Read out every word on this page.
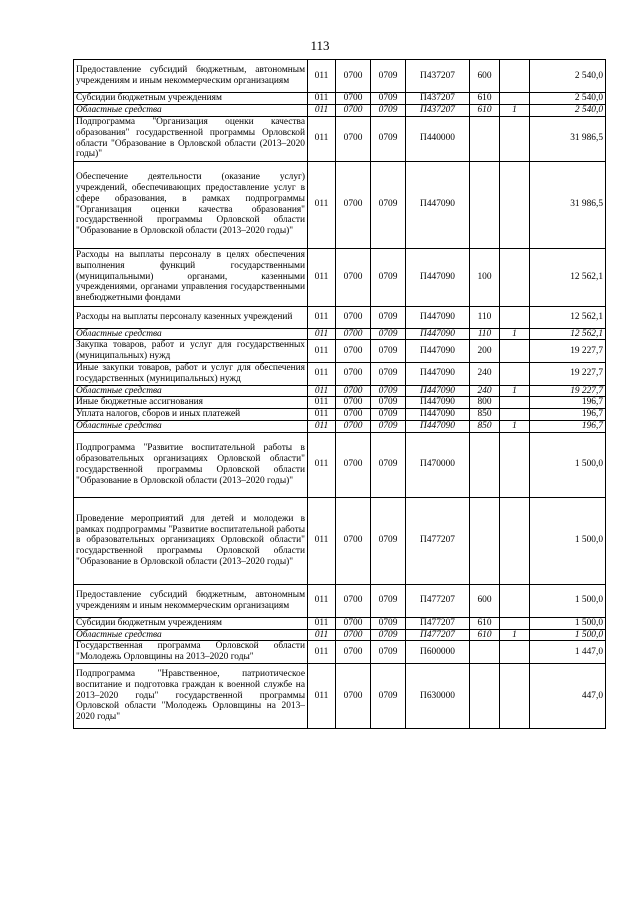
113
Предоставление субсидий бюджетным, автономным учреждениям и иным некоммерческим организациям	011	0700	0709	П437207	600		2 540,0
Субсидии бюджетным учреждениям	011	0700	0709	П437207	610		2 540,0
Областные средства	011	0700	0709	П437207	610	1	2 540,0
Подпрограмма "Организация оценки качества образования" государственной программы Орловской области "Образование в Орловской области (2013–2020 годы)"	011	0700	0709	П440000			31 986,5
Обеспечение деятельности (оказание услуг) учреждений, обеспечивающих предоставление услуг в сфере образования, в рамках подпрограммы "Организация оценки качества образования" государственной программы Орловской области "Образование в Орловской области (2013–2020 годы)"	011	0700	0709	П447090			31 986,5
Расходы на выплаты персоналу в целях обеспечения выполнения функций государственными (муниципальными) органами, казенными учреждениями, органами управления государственными внебюджетными фондами	011	0700	0709	П447090	100		12 562,1
Расходы на выплаты персоналу казенных учреждений	011	0700	0709	П447090	110		12 562,1
Областные средства	011	0700	0709	П447090	110	1	12 562,1
Закупка товаров, работ и услуг для государственных (муниципальных) нужд	011	0700	0709	П447090	200		19 227,7
Иные закупки товаров, работ и услуг для обеспечения государственных (муниципальных) нужд	011	0700	0709	П447090	240		19 227,7
Областные средства	011	0700	0709	П447090	240	1	19 227,7
Иные бюджетные ассигнования	011	0700	0709	П447090	800		196,7
Уплата налогов, сборов и иных платежей	011	0700	0709	П447090	850		196,7
Областные средства	011	0700	0709	П447090	850	1	196,7
Подпрограмма "Развитие воспитательной работы в образовательных организациях Орловской области" государственной программы Орловской области "Образование в Орловской области (2013–2020 годы)"	011	0700	0709	П470000			1 500,0
Проведение мероприятий для детей и молодежи в рамках подпрограммы "Развитие воспитательной работы в образовательных организациях Орловской области" государственной программы Орловской области "Образование в Орловской области (2013–2020 годы)"	011	0700	0709	П477207			1 500,0
Предоставление субсидий бюджетным, автономным учреждениям и иным некоммерческим организациям	011	0700	0709	П477207	600		1 500,0
Субсидии бюджетным учреждениям	011	0700	0709	П477207	610		1 500,0
Областные средства	011	0700	0709	П477207	610	1	1 500,0
Государственная программа Орловской области "Молодежь Орловщины на 2013–2020 годы"	011	0700	0709	П600000			1 447,0
Подпрограмма "Нравственное, патриотическое воспитание и подготовка граждан к военной службе на 2013–2020 годы" государственной программы Орловской области "Молодежь Орловщины на 2013–2020 годы"	011	0700	0709	П630000			447,0
